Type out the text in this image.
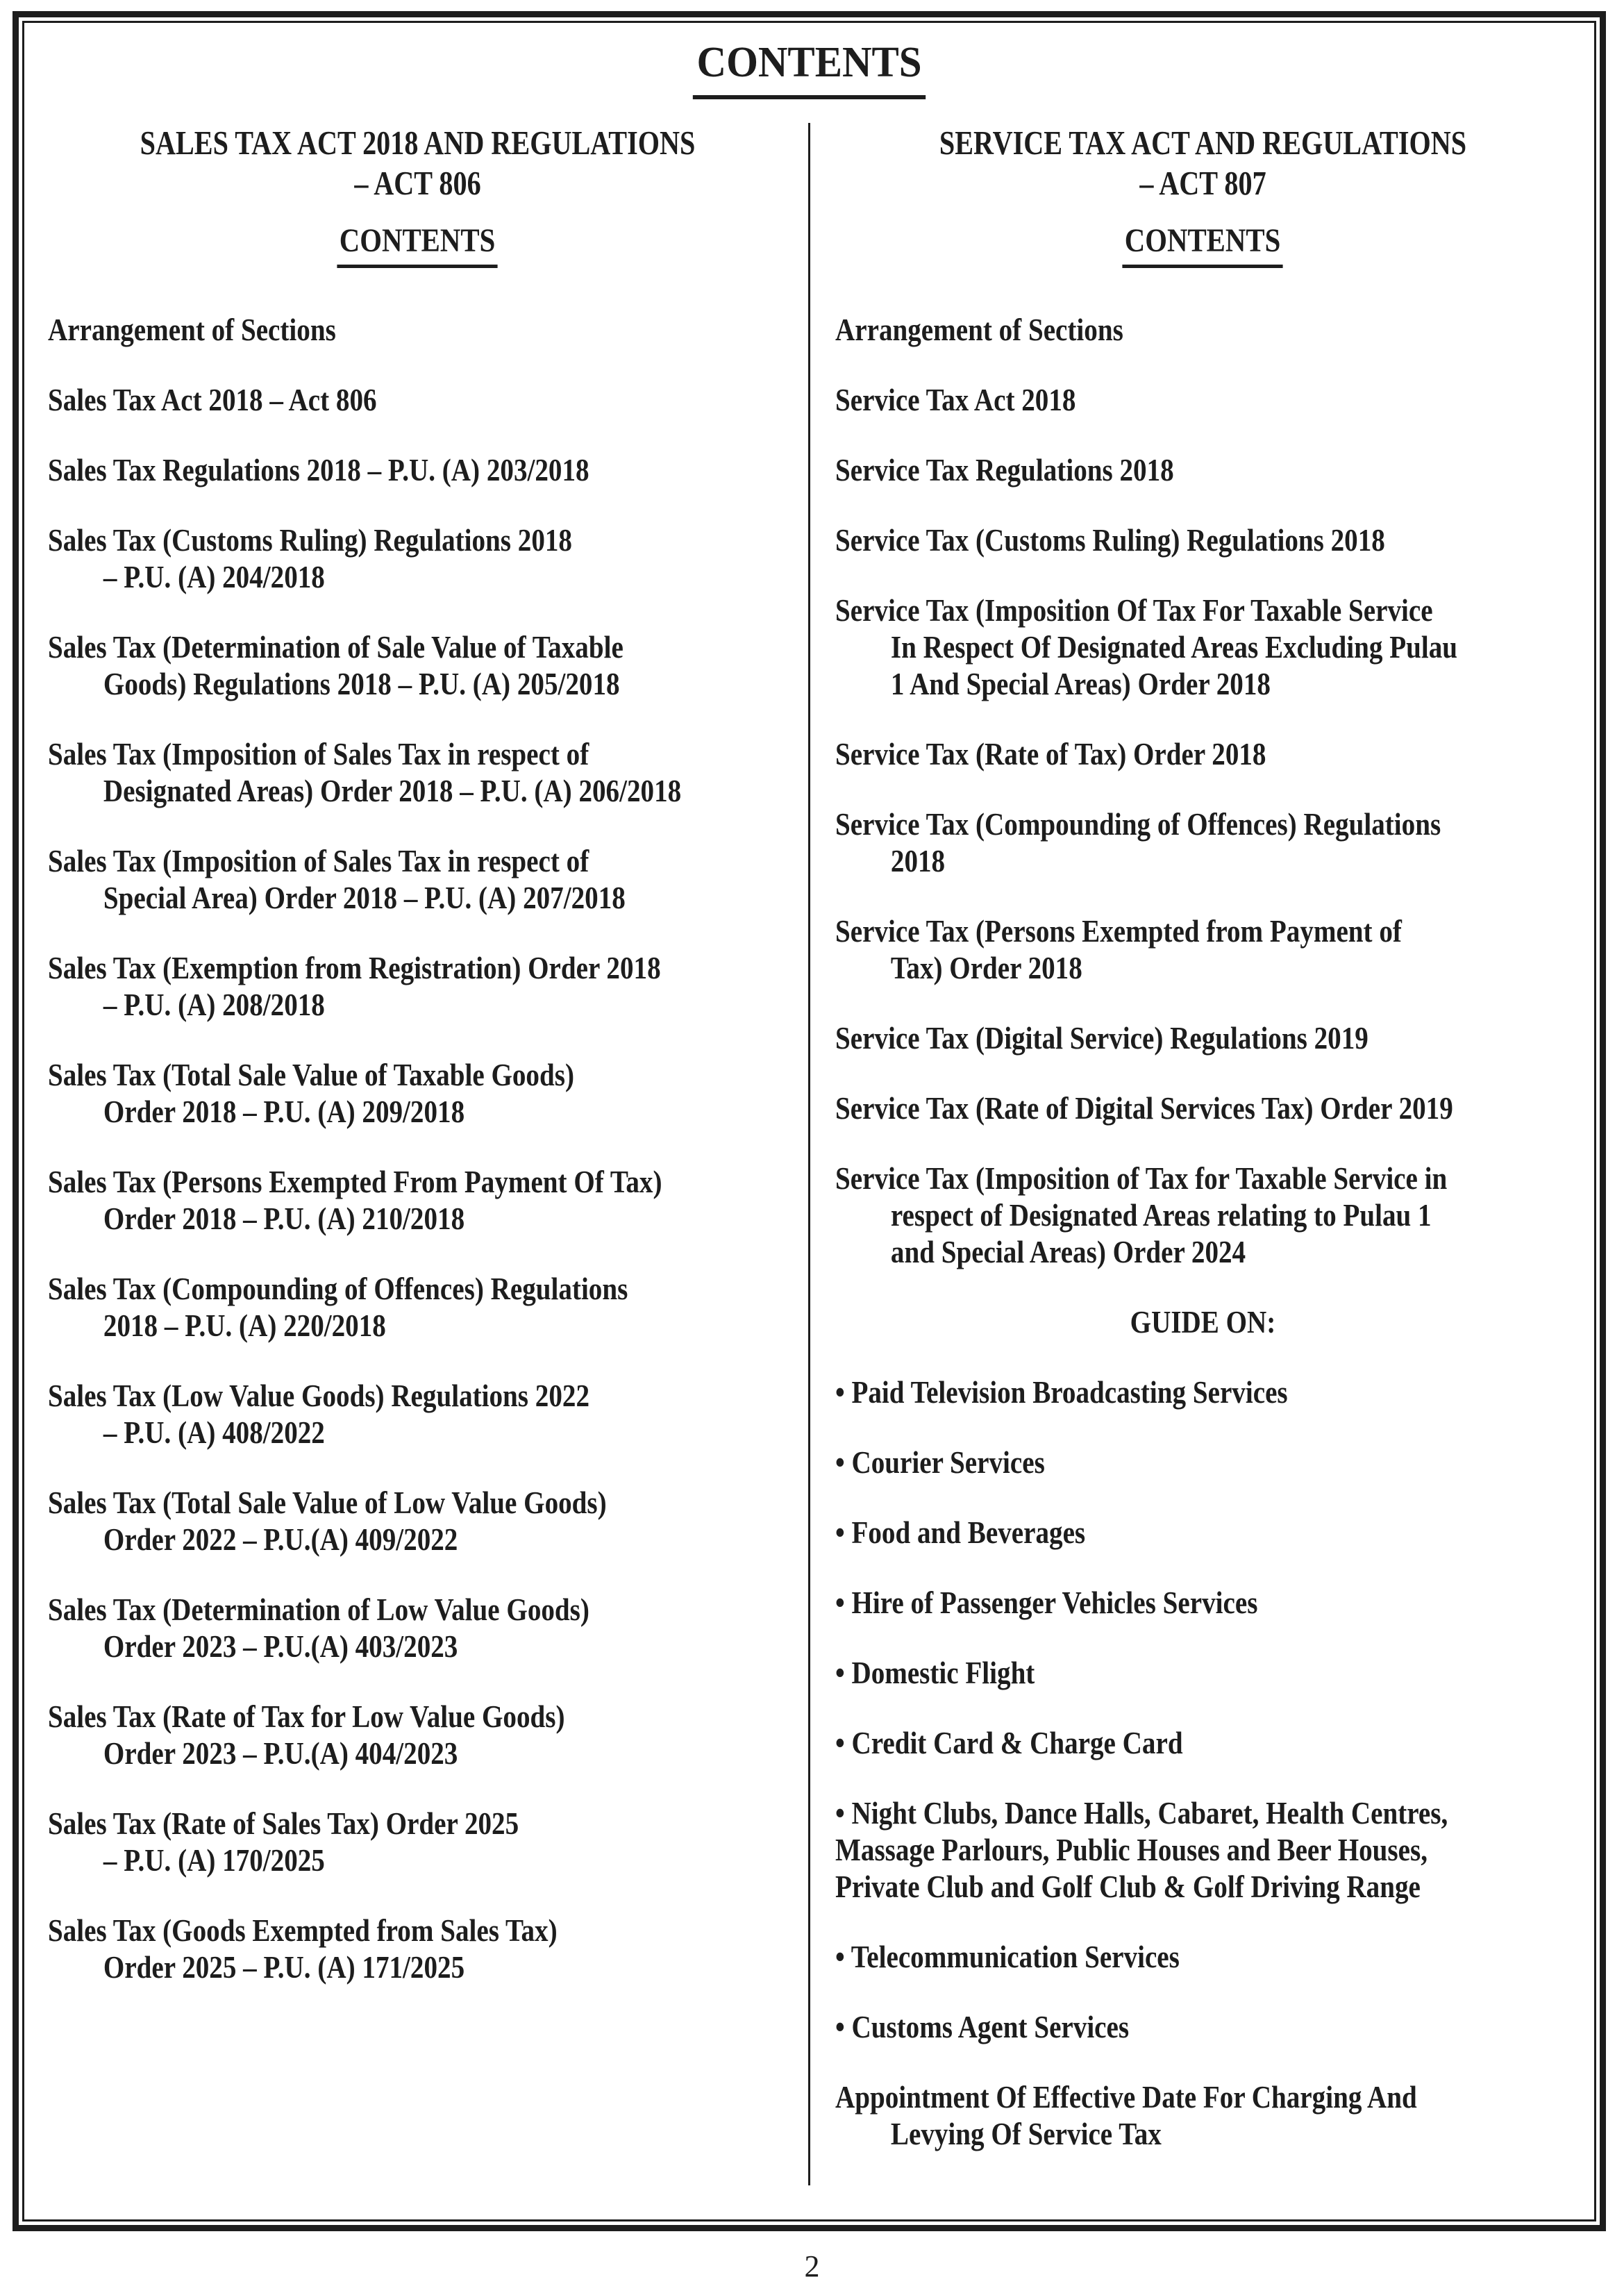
CONTENTS
SALES TAX ACT 2018 AND REGULATIONS
– ACT 806
CONTENTS
Arrangement of Sections
Sales Tax Act 2018 – Act 806
Sales Tax Regulations 2018 – P.U. (A) 203/2018
Sales Tax (Customs Ruling) Regulations 2018
– P.U. (A) 204/2018
Sales Tax (Determination of Sale Value of Taxable
Goods) Regulations 2018 – P.U. (A) 205/2018
Sales Tax (Imposition of Sales Tax in respect of
Designated Areas) Order 2018 – P.U. (A) 206/2018
Sales Tax (Imposition of Sales Tax in respect of
Special Area) Order 2018 – P.U. (A) 207/2018
Sales Tax (Exemption from Registration) Order 2018
– P.U. (A) 208/2018
Sales Tax (Total Sale Value of Taxable Goods)
Order 2018 – P.U. (A) 209/2018
Sales Tax (Persons Exempted From Payment Of Tax)
Order 2018 – P.U. (A) 210/2018
Sales Tax (Compounding of Offences) Regulations
2018 – P.U. (A) 220/2018
Sales Tax (Low Value Goods) Regulations 2022
– P.U. (A) 408/2022
Sales Tax (Total Sale Value of Low Value Goods)
Order 2022 – P.U.(A) 409/2022
Sales Tax (Determination of Low Value Goods)
Order 2023 – P.U.(A) 403/2023
Sales Tax (Rate of Tax for Low Value Goods)
Order 2023 – P.U.(A) 404/2023
Sales Tax (Rate of Sales Tax) Order 2025
– P.U. (A) 170/2025
Sales Tax (Goods Exempted from Sales Tax)
Order 2025 – P.U. (A) 171/2025
SERVICE TAX ACT AND REGULATIONS
– ACT 807
CONTENTS
Arrangement of Sections
Service Tax Act 2018
Service Tax Regulations 2018
Service Tax (Customs Ruling) Regulations 2018
Service Tax (Imposition Of Tax For Taxable Service
In Respect Of Designated Areas Excluding Pulau
1 And Special Areas) Order 2018
Service Tax (Rate of Tax) Order 2018
Service Tax (Compounding of Offences) Regulations
2018
Service Tax (Persons Exempted from Payment of
Tax) Order 2018
Service Tax (Digital Service) Regulations 2019
Service Tax (Rate of Digital Services Tax) Order 2019
Service Tax (Imposition of Tax for Taxable Service in
respect of Designated Areas relating to Pulau 1
and Special Areas) Order 2024
GUIDE ON:
• Paid Television Broadcasting Services
• Courier Services
• Food and Beverages
• Hire of Passenger Vehicles Services
• Domestic Flight
• Credit Card & Charge Card
• Night Clubs, Dance Halls, Cabaret, Health Centres,
Massage Parlours, Public Houses and Beer Houses,
Private Club and Golf Club & Golf Driving Range
• Telecommunication Services
• Customs Agent Services
Appointment Of Effective Date For Charging And
Levying Of Service Tax
2
